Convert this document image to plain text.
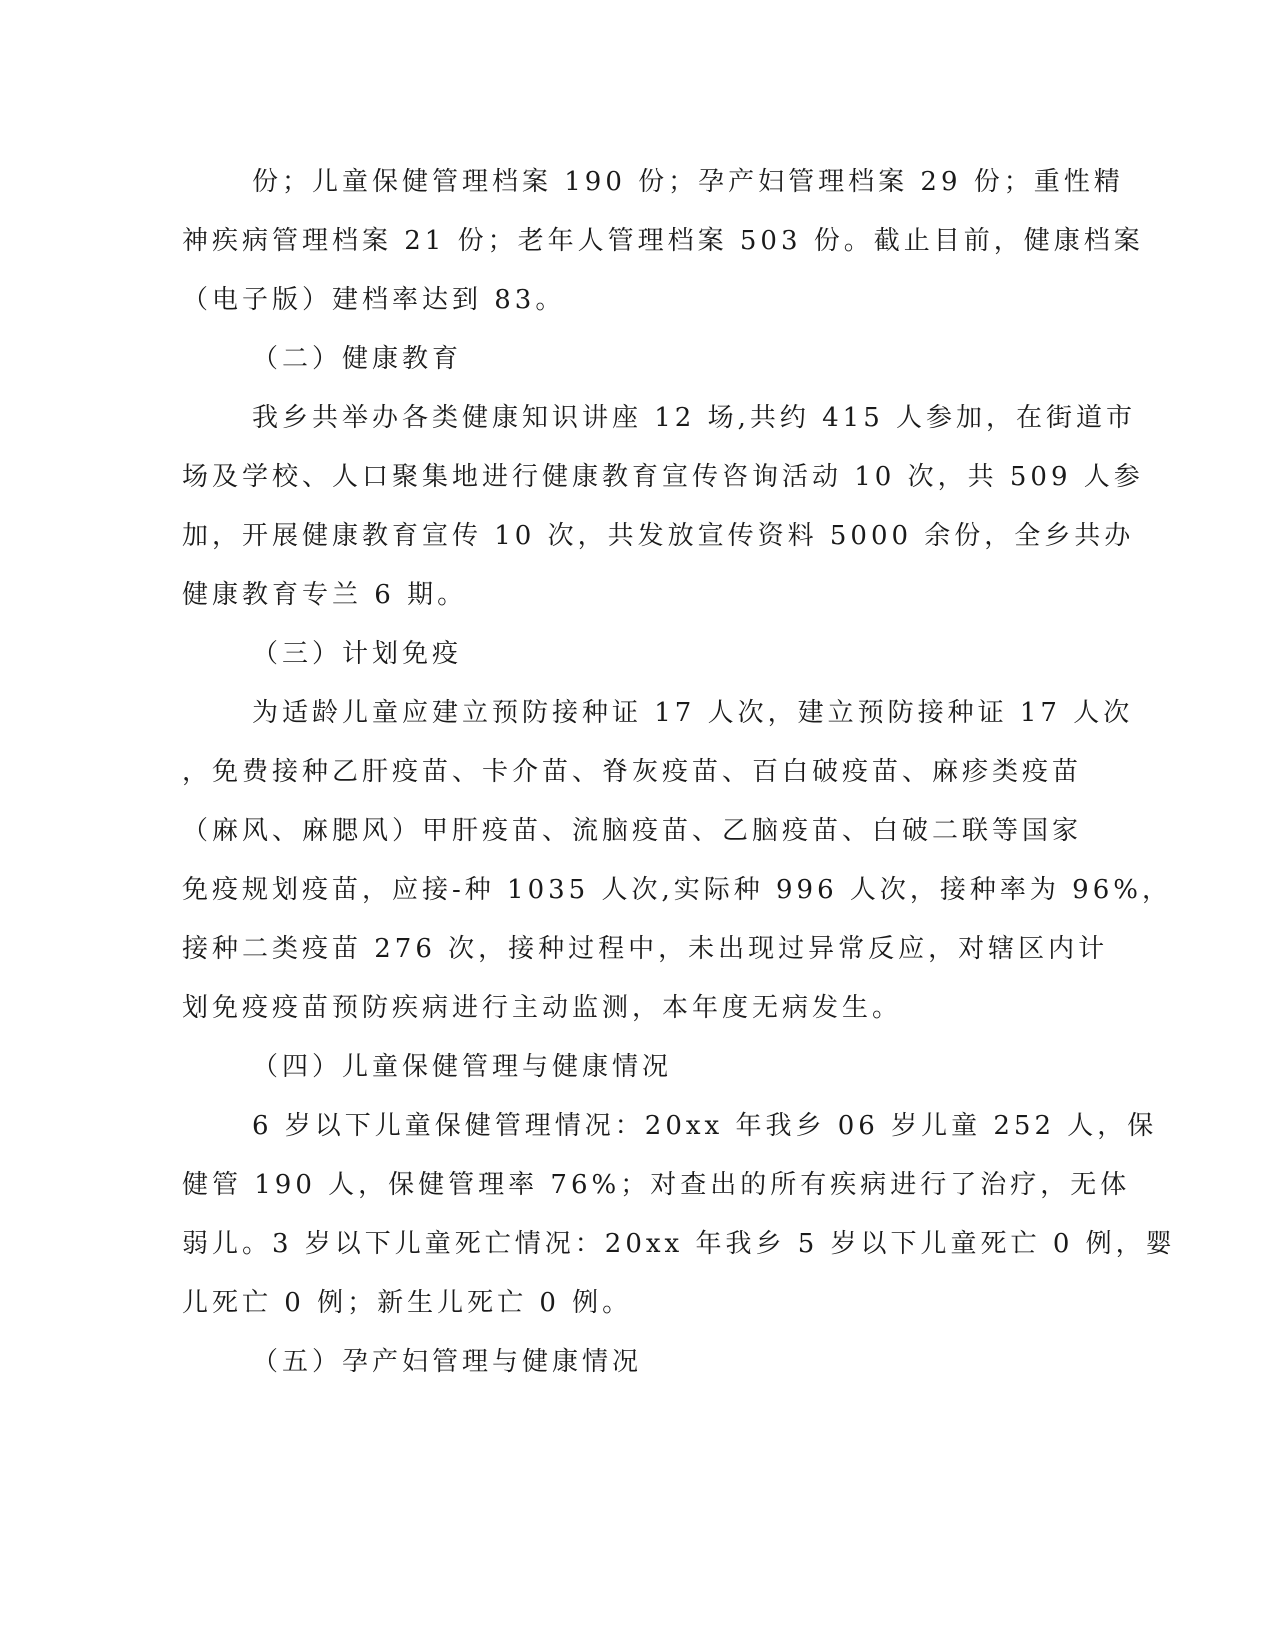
份；儿童保健管理档案 190 份；孕产妇管理档案 29 份；重性精
神疾病管理档案 21 份；老年人管理档案 503 份。截止目前，健康档案
（电子版）建档率达到 83。
（二）健康教育
我乡共举办各类健康知识讲座 12 场,共约 415 人参加，在街道市
场及学校、人口聚集地进行健康教育宣传咨询活动 10 次，共 509 人参
加，开展健康教育宣传 10 次，共发放宣传资料 5000 余份，全乡共办
健康教育专兰 6 期。
（三）计划免疫
为适龄儿童应建立预防接种证 17 人次，建立预防接种证 17 人次
，免费接种乙肝疫苗、卡介苗、脊灰疫苗、百白破疫苗、麻疹类疫苗
（麻风、麻腮风）甲肝疫苗、流脑疫苗、乙脑疫苗、白破二联等国家
免疫规划疫苗，应接-种 1035 人次,实际种 996 人次，接种率为 96%，
接种二类疫苗 276 次，接种过程中，未出现过异常反应，对辖区内计
划免疫疫苗预防疾病进行主动监测，本年度无病发生。
（四）儿童保健管理与健康情况
6 岁以下儿童保健管理情况：20xx 年我乡 06 岁儿童 252 人，保
健管 190 人，保健管理率 76%；对查出的所有疾病进行了治疗，无体
弱儿。3 岁以下儿童死亡情况：20xx 年我乡 5 岁以下儿童死亡 0 例，婴
儿死亡 0 例；新生儿死亡 0 例。
（五）孕产妇管理与健康情况
